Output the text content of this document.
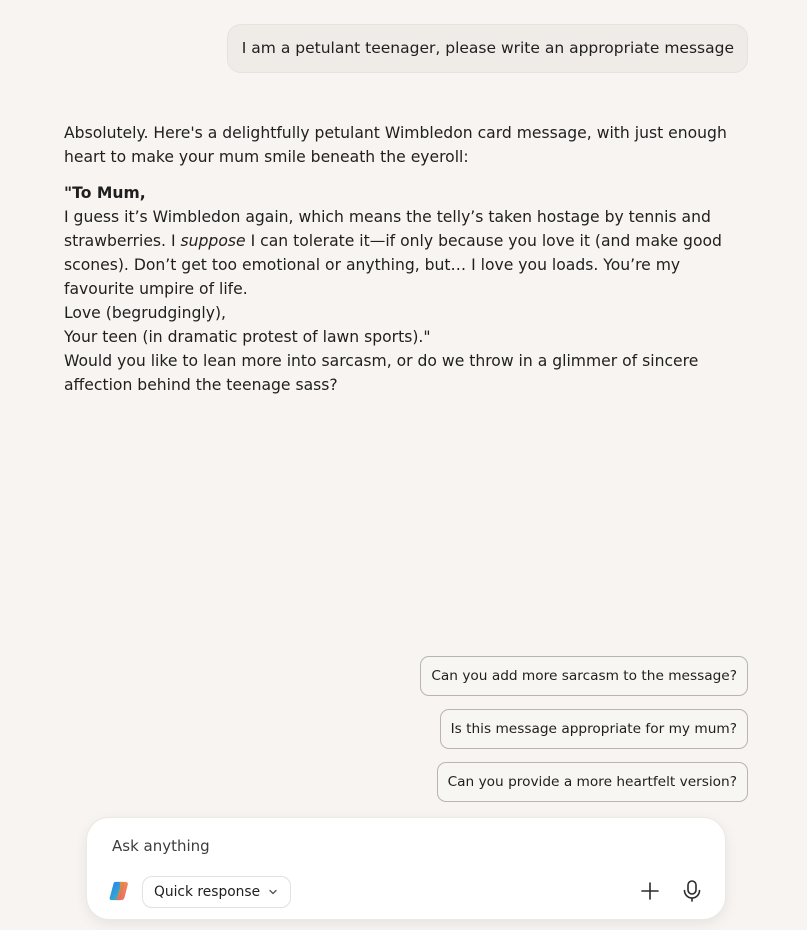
I am a petulant teenager, please write an appropriate message

Absolutely. Here's a delightfully petulant Wimbledon card message, with just enough heart to make your mum smile beneath the eyeroll:

"To Mum,
I guess it’s Wimbledon again, which means the telly’s taken hostage by tennis and strawberries. I suppose I can tolerate it—if only because you love it (and make good scones). Don’t get too emotional or anything, but… I love you loads. You’re my favourite umpire of life.
Love (begrudgingly),
Your teen (in dramatic protest of lawn sports)."

Would you like to lean more into sarcasm, or do we throw in a glimmer of sincere affection behind the teenage sass?

Can you add more sarcasm to the message?
Is this message appropriate for my mum?
Can you provide a more heartfelt version?
Ask anything
Quick response
